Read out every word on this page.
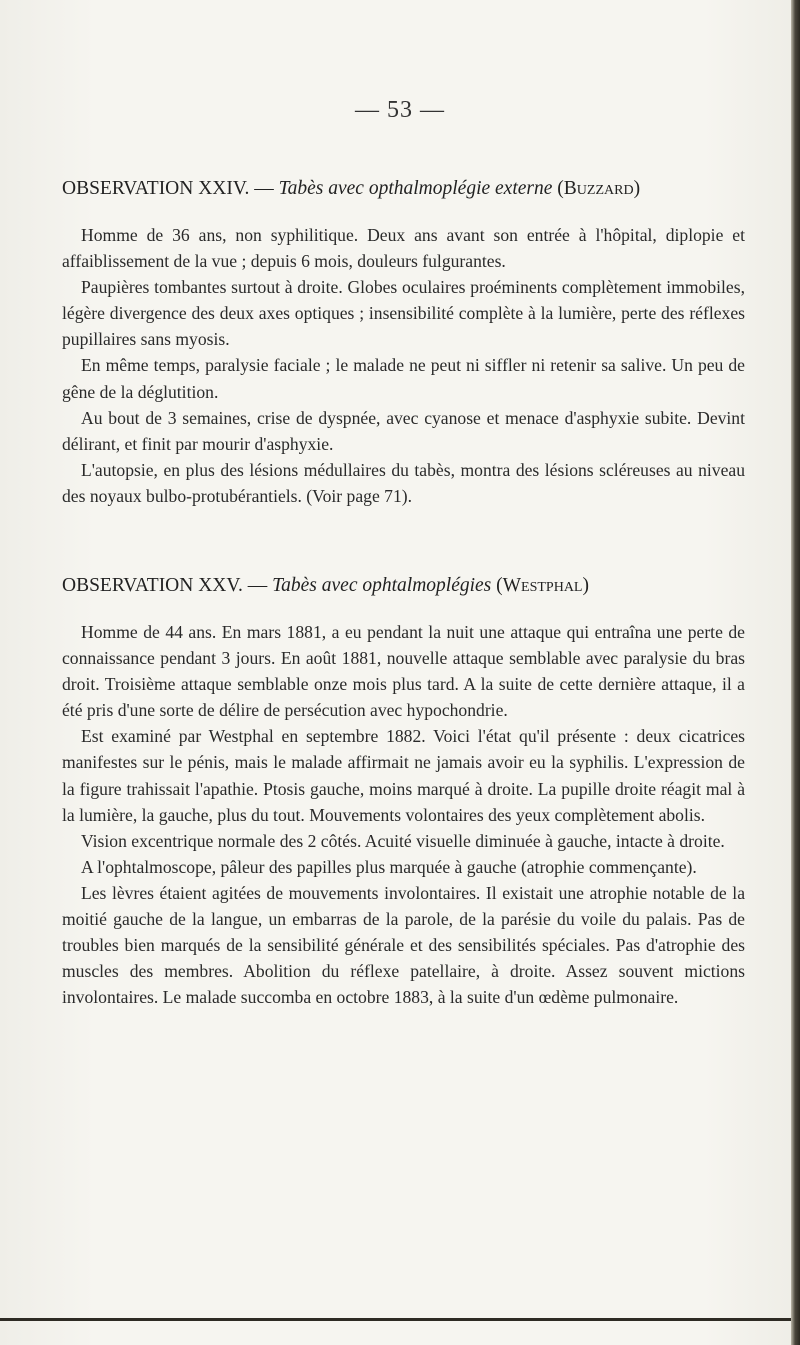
— 53 —
OBSERVATION XXIV. — Tabès avec opthalmoplégie externe (Buzzard)

Homme de 36 ans, non syphilitique. Deux ans avant son entrée à l'hôpital, diplopie et affaiblissement de la vue ; depuis 6 mois, douleurs fulgurantes.

Paupières tombantes surtout à droite. Globes oculaires proéminents complètement immobiles, légère divergence des deux axes optiques ; insensibilité complète à la lumière, perte des réflexes pupillaires sans myosis.

En même temps, paralysie faciale ; le malade ne peut ni siffler ni retenir sa salive. Un peu de gêne de la déglutition.

Au bout de 3 semaines, crise de dyspnée, avec cyanose et menace d'asphyxie subite. Devint délirant, et finit par mourir d'asphyxie.

L'autopsie, en plus des lésions médullaires du tabès, montra des lésions scléreuses au niveau des noyaux bulbo-protubérantiels. (Voir page 71).

OBSERVATION XXV. — Tabès avec ophtalmoplégies (Westphal)

Homme de 44 ans. En mars 1881, a eu pendant la nuit une attaque qui entraîna une perte de connaissance pendant 3 jours. En août 1881, nouvelle attaque semblable avec paralysie du bras droit. Troisième attaque semblable onze mois plus tard. A la suite de cette dernière attaque, il a été pris d'une sorte de délire de persécution avec hypochondrie.

Est examiné par Westphal en septembre 1882. Voici l'état qu'il présente : deux cicatrices manifestes sur le pénis, mais le malade affirmait ne jamais avoir eu la syphilis. L'expression de la figure trahissait l'apathie. Ptosis gauche, moins marqué à droite. La pupille droite réagit mal à la lumière, la gauche, plus du tout. Mouvements volontaires des yeux complètement abolis.

Vision excentrique normale des 2 côtés. Acuité visuelle diminuée à gauche, intacte à droite.

A l'ophtalmoscope, pâleur des papilles plus marquée à gauche (atrophie commençante).

Les lèvres étaient agitées de mouvements involontaires. Il existait une atrophie notable de la moitié gauche de la langue, un embarras de la parole, de la parésie du voile du palais. Pas de troubles bien marqués de la sensibilité générale et des sensibilités spéciales. Pas d'atrophie des muscles des membres. Abolition du réflexe patellaire, à droite. Assez souvent mictions involontaires. Le malade succomba en octobre 1883, à la suite d'un œdème pulmonaire.
